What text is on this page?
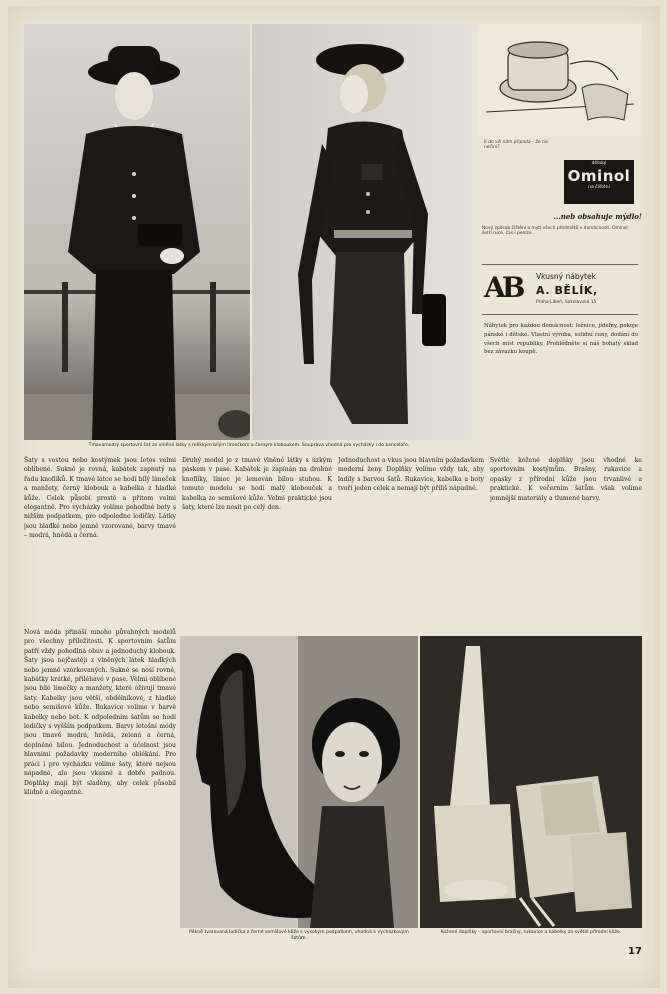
Tmavomodrý sportovní šat ze vlněné látky s měkkým bílým límečkem a černým kloboukem. Souprava vhodná pro vycházky i do kanceláře.
K do vši nám připadá – že nic nečiní?
dětský
Ominol
na čištění
...neb obsahuje mýdlo!
Nový způsob čištění a mytí všech předmětů v domácnosti. Ominol šetří ruce, čas i peníze.
AB	Vkusný nábytek
A. BĚLÍK,
Praha-Libeň, Sokolovská 15
Nábytek pro každou domácnost: ložnice, jídelny, pokoje pánské i dětské. Vlastní výroba, solidní ceny, dodání do všech míst republiky. Prohlédněte si náš bohatý sklad bez závazku koupě.
Šaty s vestou nebo kostýmek jsou letos velmi oblíbené. Sukně je rovná, kabátek zapnutý na řadu knoflíků. K tmavé látce se hodí bílý límeček a manžety, černý klobouk a kabelka z hladké kůže. Celek působí prostě a přitom velmi elegantně. Pro vycházky volíme pohodlné boty s nižším podpatkem, pro odpoledne lodičky. Látky jsou hladké nebo jemně vzorované, barvy tmavé – modrá, hnědá a černá.
Druhý model je z tmavé vlněné látky s úzkým páskem v pase. Kabátek je zapínán na drobné knoflíky, límec je lemován bílou stuhou. K tomuto modelu se hodí malý klobouček a kabelka ze semišové kůže. Velmi praktické jsou šaty, které lze nosit po celý den.
Jednoduchost a vkus jsou hlavním požadavkem moderní ženy. Doplňky volíme vždy tak, aby ladily s barvou šatů. Rukavice, kabelka a boty tvoří jeden celek a nemají být příliš nápadné.
Světlé kožené doplňky jsou vhodné ke sportovním kostýmům. Brašny, rukavice a opasky z přírodní kůže jsou trvanlivé a praktické. K večerním šatům však volíme jemnější materiály a tlumené barvy.
Nová móda přináší mnoho půvabných modelů pro všechny příležitosti. K sportovním šatům patří vždy pohodlná obuv a jednoduchý klobouk. Šaty jsou nejčastěji z vlněných látek hladkých nebo jemně vzorkovaných. Sukně se nosí rovné, kabátky krátké, přiléhavé v pase. Velmi oblíbené jsou bílé límečky a manžety, které oživují tmavé šaty. Kabelky jsou větší, obdélníkové, z hladké nebo semišové kůže. Rukavice volíme v barvě kabelky nebo bot. K odpoledním šatům se hodí lodičky s vyšším podpatkem. Barvy letošní módy jsou tmavě modrá, hnědá, zelená a černá, doplněné bílou. Jednoduchost a účelnost jsou hlavními požadavky moderního oblékání. Pro práci i pro vycházku volíme šaty, které nejsou nápadné, ale jsou vkusné a dobře padnou. Doplňky mají být sladěny, aby celek působil klidně a elegantně.
Pěkně tvarovaná lodička z černé semišové kůže s vysokým podpatkem, vhodná k vycházkovým šatům.
Kožené doplňky – sportovní brašny, rukavice a kabelky ze světlé přírodní kůže.
17
